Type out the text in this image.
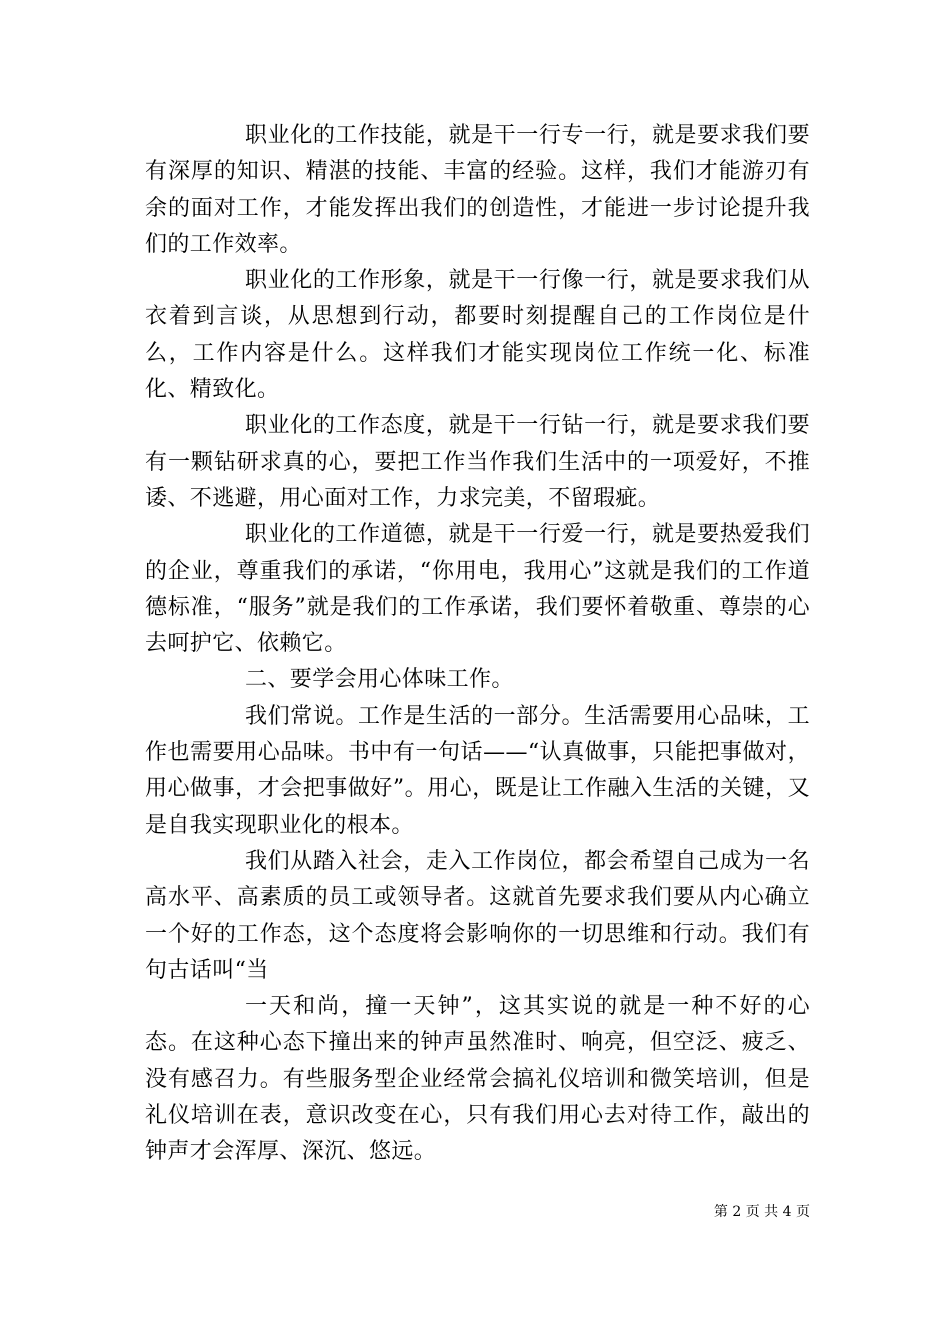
职业化的工作技能，就是干一行专一行，就是要求我们要有深厚的知识、精湛的技能、丰富的经验。这样，我们才能游刃有余的面对工作，才能发挥出我们的创造性，才能进一步讨论提升我们的工作效率。

职业化的工作形象，就是干一行像一行，就是要求我们从衣着到言谈，从思想到行动，都要时刻提醒自己的工作岗位是什么，工作内容是什么。这样我们才能实现岗位工作统一化、标准化、精致化。

职业化的工作态度，就是干一行钻一行，就是要求我们要有一颗钻研求真的心，要把工作当作我们生活中的一项爱好，不推诿、不逃避，用心面对工作，力求完美，不留瑕疵。

职业化的工作道德，就是干一行爱一行，就是要热爱我们的企业，尊重我们的承诺，“你用电，我用心”这就是我们的工作道德标准，“服务”就是我们的工作承诺，我们要怀着敬重、尊崇的心去呵护它、依赖它。

二、要学会用心体味工作。

我们常说。工作是生活的一部分。生活需要用心品味，工作也需要用心品味。书中有一句话——“认真做事，只能把事做对，用心做事，才会把事做好”。用心，既是让工作融入生活的关键，又是自我实现职业化的根本。

我们从踏入社会，走入工作岗位，都会希望自己成为一名高水平、高素质的员工或领导者。这就首先要求我们要从内心确立一个好的工作态，这个态度将会影响你的一切思维和行动。我们有句古话叫“当

一天和尚，撞一天钟”，这其实说的就是一种不好的心态。在这种心态下撞出来的钟声虽然准时、响亮，但空泛、疲乏、没有感召力。有些服务型企业经常会搞礼仪培训和微笑培训，但是礼仪培训在表，意识改变在心，只有我们用心去对待工作，敲出的钟声才会浑厚、深沉、悠远。

第 2 页 共 4 页
